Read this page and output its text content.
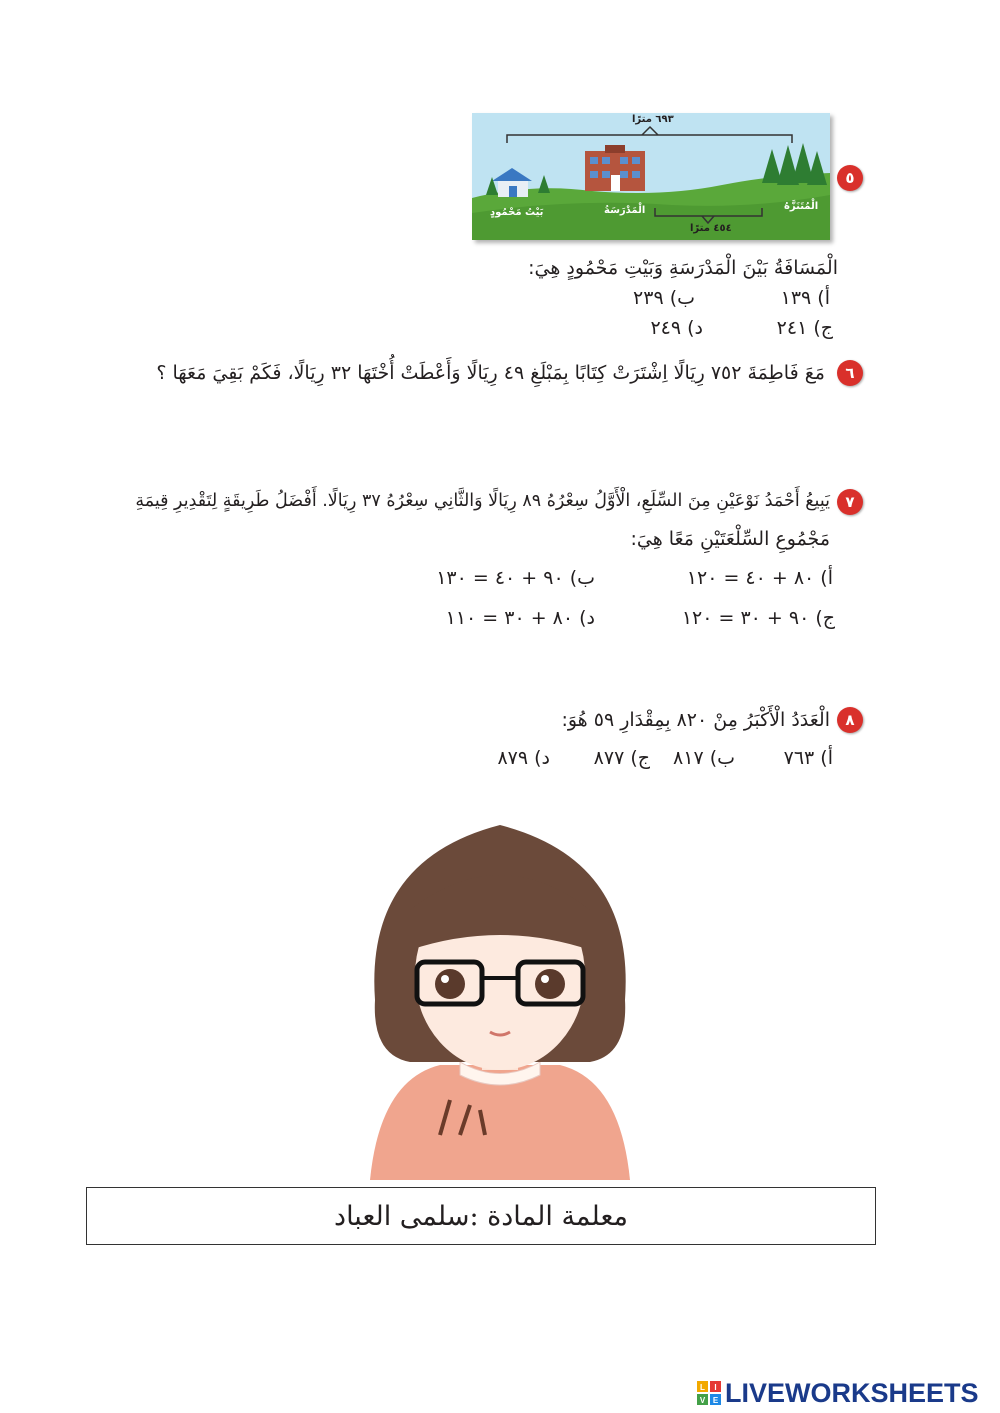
٥
٦٩٣ مترًا
٤٥٤ مترًا
بَيْتُ مَحْمُودٍ	الْمَدْرَسَةُ	الْمُتَنَزَّهُ
الْمَسَافَةُ بَيْنَ الْمَدْرَسَةِ وَبَيْتِ مَحْمُودٍ هِيَ:
أ) ١٣٩
ب) ٢٣٩
ج) ٢٤١
د) ٢٤٩
٦
مَعَ فَاطِمَةَ ٧٥٢ رِيَالًا اِشْتَرَتْ كِتَابًا بِمَبْلَغِ ٤٩ رِيَالًا وَأَعْطَتْ أُخْتَهَا ٣٢ رِيَالًا، فَكَمْ بَقِيَ مَعَهَا ؟
٧
يَبِيعُ أَحْمَدُ نَوْعَيْنِ مِنَ السِّلَعِ، الْأَوَّلُ سِعْرُهُ ٨٩ رِيَالًا وَالثَّانِي سِعْرُهُ ٣٧ رِيَالًا. أَفْضَلُ طَرِيقَةٍ لِتَقْدِيرِ قِيمَةِ
مَجْمُوعِ السِّلْعَتَيْنِ مَعًا هِيَ:
أ) ٨٠ + ٤٠ = ١٢٠
ب) ٩٠ + ٤٠ = ١٣٠
ج) ٩٠ + ٣٠ = ١٢٠
د) ٨٠ + ٣٠ = ١١٠
٨
الْعَدَدُ الْأَكْبَرُ مِنْ ٨٢٠ بِمِقْدَارِ ٥٩ هُوَ:
أ) ٧٦٣
ب) ٨١٧
ج) ٨٧٧
د) ٨٧٩
معلمة المادة :سلمى العباد
L I
V E LIVEWORKSHEETS
